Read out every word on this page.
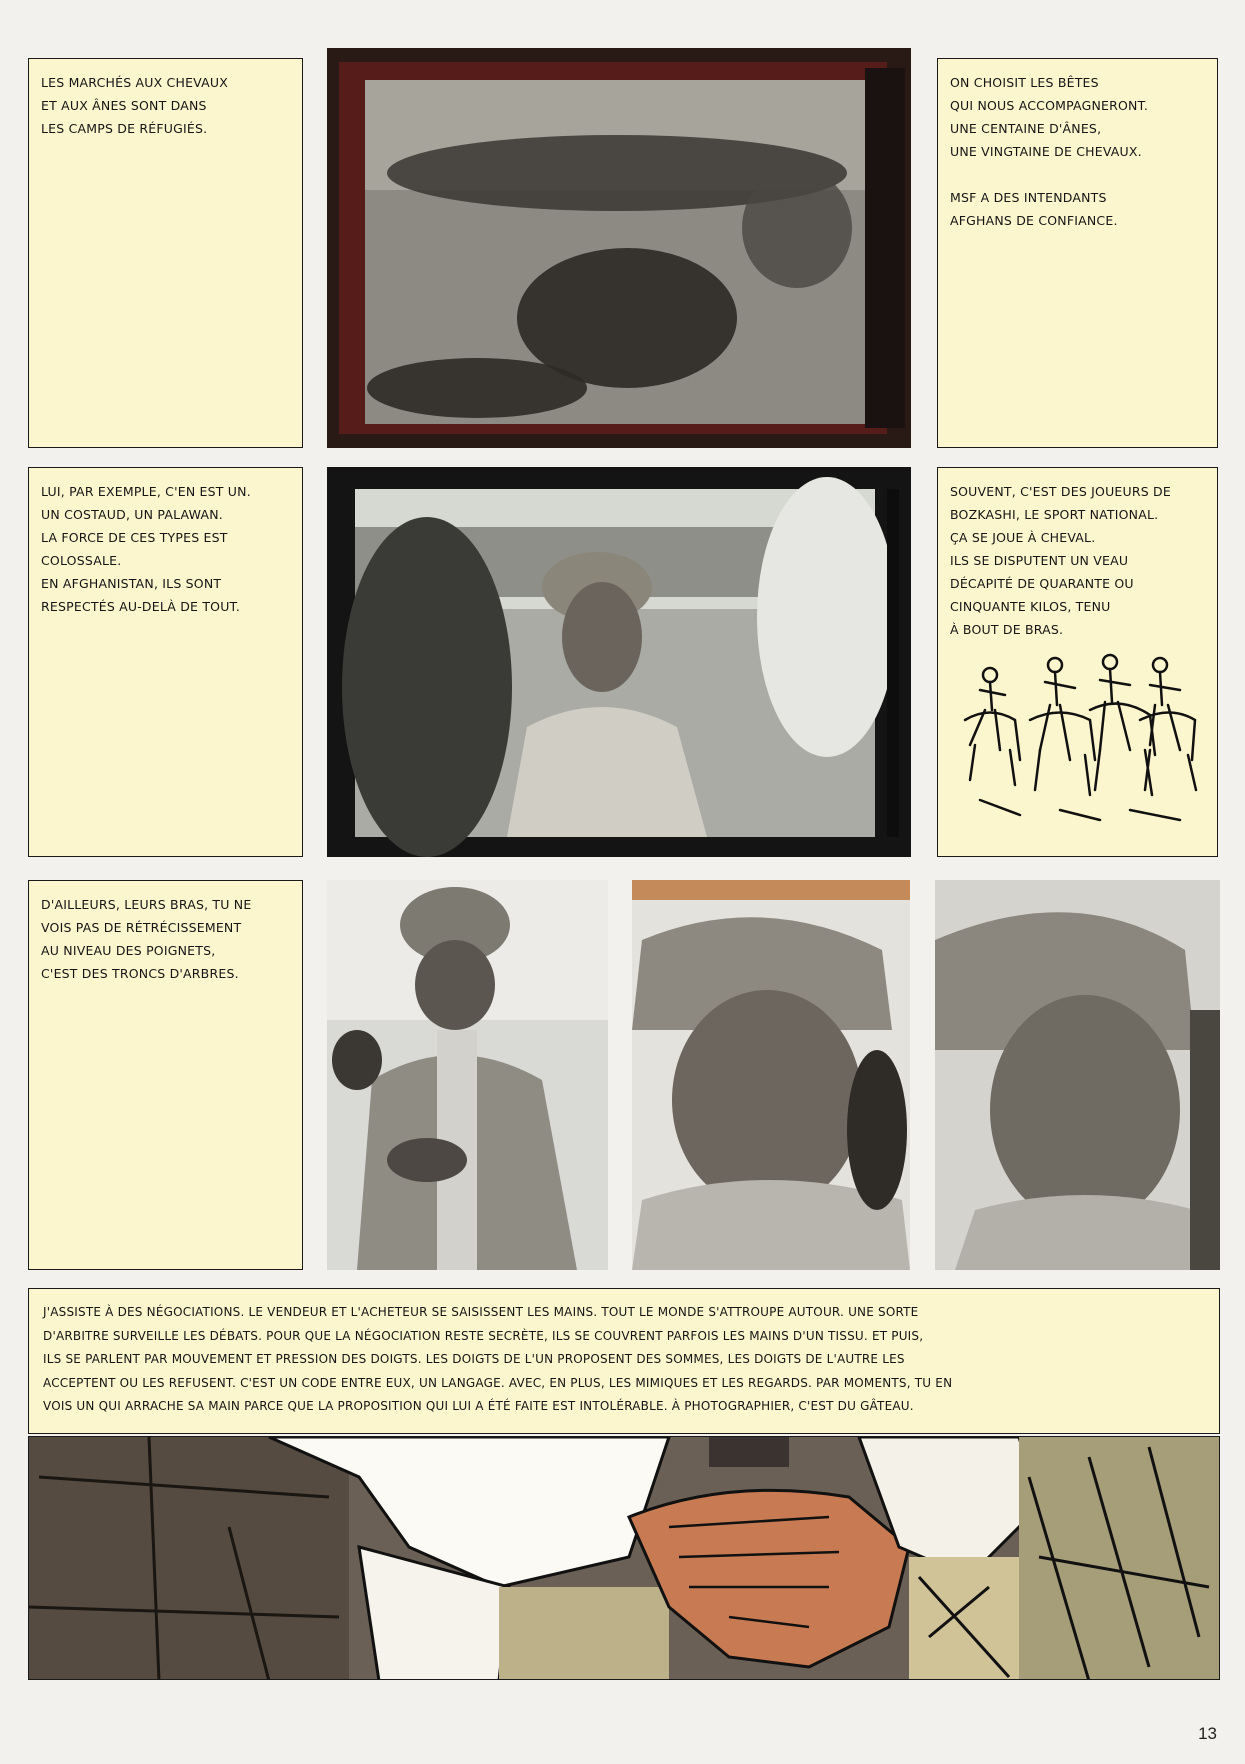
LES MARCHÉS AUX CHEVAUX
ET AUX ÂNES SONT DANS
LES CAMPS DE RÉFUGIÉS.
ON CHOISIT LES BÊTES
QUI NOUS ACCOMPAGNERONT.
UNE CENTAINE D'ÂNES,
UNE VINGTAINE DE CHEVAUX.
MSF A DES INTENDANTS
AFGHANS DE CONFIANCE.
LUI, PAR EXEMPLE, C'EN EST UN.
UN COSTAUD, UN PALAWAN.
LA FORCE DE CES TYPES EST
COLOSSALE.
EN AFGHANISTAN, ILS SONT
RESPECTÉS AU-DELÀ DE TOUT.
SOUVENT, C'EST DES JOUEURS DE
BOZKASHI, LE SPORT NATIONAL.
ÇA SE JOUE À CHEVAL.
ILS SE DISPUTENT UN VEAU
DÉCAPITÉ DE QUARANTE OU
CINQUANTE KILOS, TENU
À BOUT DE BRAS.
D'AILLEURS, LEURS BRAS, TU NE
VOIS PAS DE RÉTRÉCISSEMENT
AU NIVEAU DES POIGNETS,
C'EST DES TRONCS D'ARBRES.
J'ASSISTE À DES NÉGOCIATIONS. LE VENDEUR ET L'ACHETEUR SE SAISISSENT LES MAINS. TOUT LE MONDE S'ATTROUPE AUTOUR. UNE SORTE
D'ARBITRE SURVEILLE LES DÉBATS. POUR QUE LA NÉGOCIATION RESTE SECRÈTE, ILS SE COUVRENT PARFOIS LES MAINS D'UN TISSU. ET PUIS,
ILS SE PARLENT PAR MOUVEMENT ET PRESSION DES DOIGTS. LES DOIGTS DE L'UN PROPOSENT DES SOMMES, LES DOIGTS DE L'AUTRE LES
ACCEPTENT OU LES REFUSENT. C'EST UN CODE ENTRE EUX, UN LANGAGE. AVEC, EN PLUS, LES MIMIQUES ET LES REGARDS. PAR MOMENTS, TU EN
VOIS UN QUI ARRACHE SA MAIN PARCE QUE LA PROPOSITION QUI LUI A ÉTÉ FAITE EST INTOLÉRABLE. À PHOTOGRAPHIER, C'EST DU GÂTEAU.
13
